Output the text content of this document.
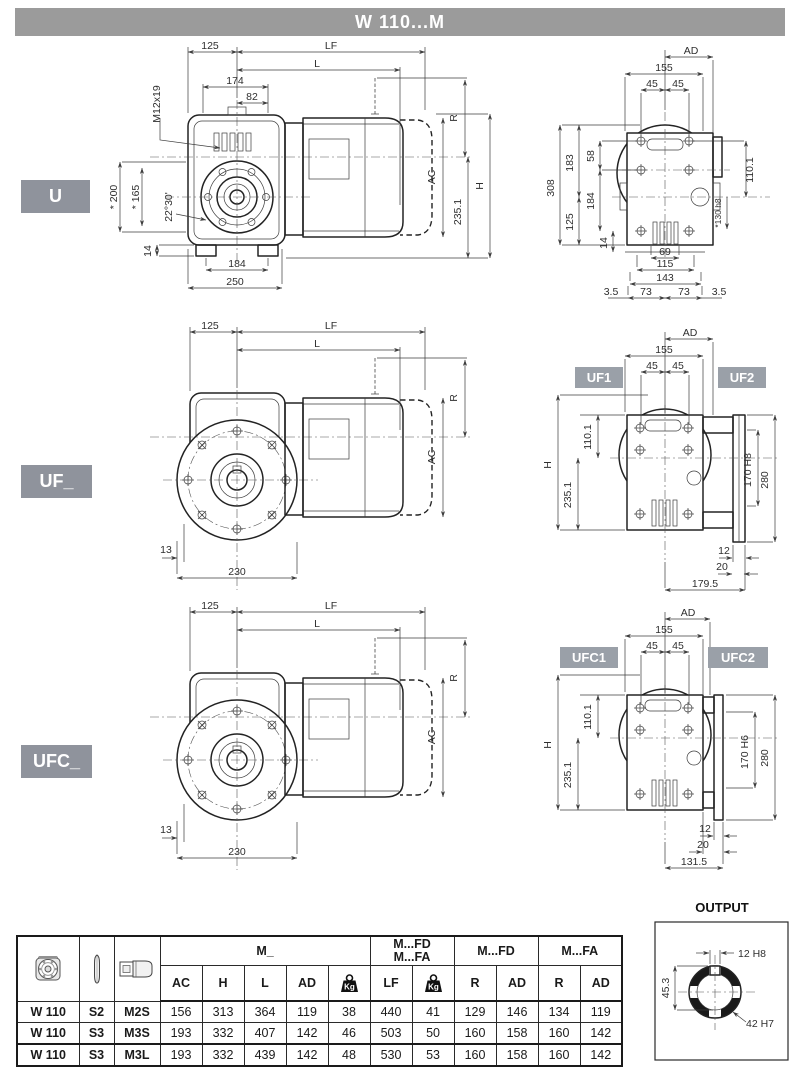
W 110...M
125	LF
L
174
82
M12x19
* 200 * 165 22°30'
14
184
250
R
AC
235.1
H
AD
155
45 45
308
183 58
184
125
14
110.1
*130 h8
69
115
143
3.5 73	73 3.5
125	LF
L
R
AC
13
230
AD
155
45 45
H
235.1
110.1
170 H8 280
12
20
179.5
125	LF
L
R
AC
13
230
AD
155
45 45
H
235.1
110.1
170 H6 280
12
20
131.5
12 H8
45.3
42 H7
U
UF_
UFC_
UF1	UF2
UFC1	UFC2
OUTPUT
			M_					M...FD
M...FA		M...FD		M...FA	
			AC	H	L	AD	Kg	LF	Kg	R	AD	R	AD
W 110	S2	M2S	156	313	364	119	38	440	41	129	146	134	119
W 110	S3	M3S	193	332	407	142	46	503	50	160	158	160	142
W 110	S3	M3L	193	332	439	142	48	530	53	160	158	160	142
